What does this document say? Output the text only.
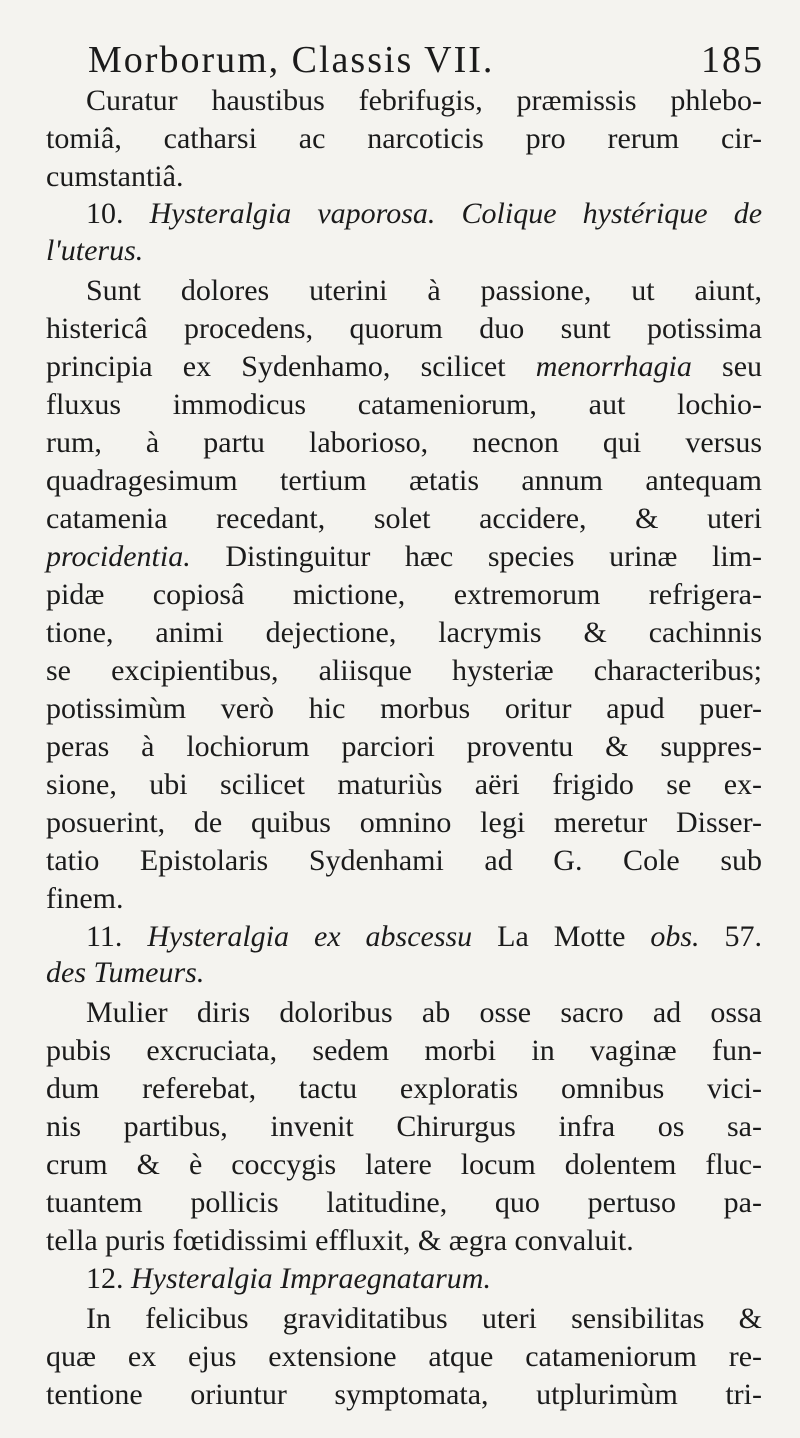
Morborum, Classis VII.	185
Curatur haustibus febrifugis, præmissis phlebo-
tomiâ, catharsi ac narcoticis pro rerum cir-
cumstantiâ.
10. Hysteralgia vaporosa. Colique hystérique de
l'uterus.
Sunt dolores uterini à passione, ut aiunt,
histericâ procedens, quorum duo sunt potissima
principia ex Sydenhamo, scilicet menorrhagia seu
fluxus immodicus catameniorum, aut lochio-
rum, à partu laborioso, necnon qui versus
quadragesimum tertium ætatis annum antequam
catamenia recedant, solet accidere, & uteri
procidentia. Distinguitur hæc species urinæ lim-
pidæ copiosâ mictione, extremorum refrigera-
tione, animi dejectione, lacrymis & cachinnis
se excipientibus, aliisque hysteriæ characteribus;
potissimùm verò hic morbus oritur apud puer-
peras à lochiorum parciori proventu & suppres-
sione, ubi scilicet maturiùs aëri frigido se ex-
posuerint, de quibus omnino legi meretur Disser-
tatio Epistolaris Sydenhami ad G. Cole sub
finem.
11. Hysteralgia ex abscessu La Motte obs. 57.
des Tumeurs.
Mulier diris doloribus ab osse sacro ad ossa
pubis excruciata, sedem morbi in vaginæ fun-
dum referebat, tactu exploratis omnibus vici-
nis partibus, invenit Chirurgus infra os sa-
crum & è coccygis latere locum dolentem fluc-
tuantem pollicis latitudine, quo pertuso pa-
tella puris fœtidissimi effluxit, & ægra convaluit.
12. Hysteralgia Impraegnatarum.
In felicibus graviditatibus uteri sensibilitas &
quæ ex ejus extensione atque catameniorum re-
tentione oriuntur symptomata, utplurimùm tri-
